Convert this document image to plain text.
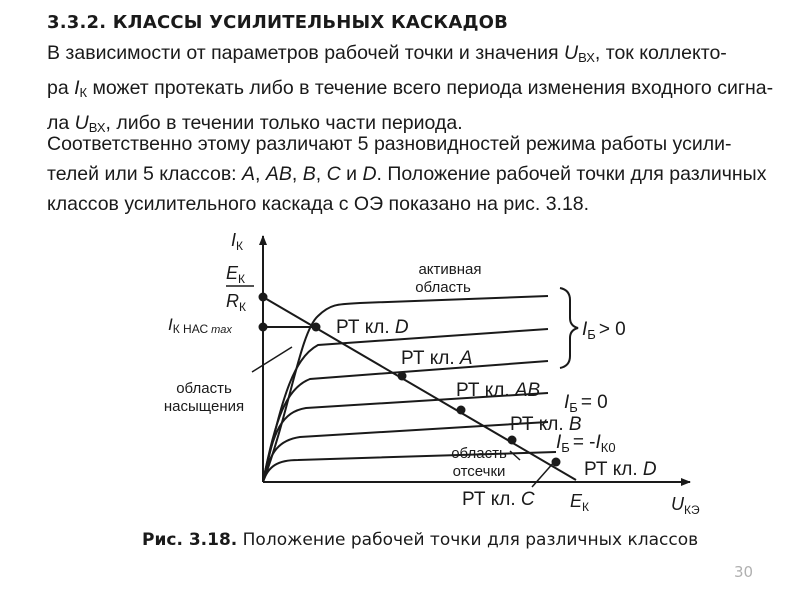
3.3.2. КЛАССЫ УСИЛИТЕЛЬНЫХ КАСКАДОВ
В зависимости от параметров рабочей точки и значения $U_{ВХ}$, ток коллекто-
ра $I_К$ может протекать либо в течение всего периода изменения входного сигна-
ла $U_{ВХ}$, либо в течении только части периода.
Соответственно этому различают 5 разновидностей режима работы усили-
телей или 5 классов: A, AB, B, C и D. Положение рабочей точки для различных
классов усилительного каскада с ОЭ показано на рис. 3.18.
$I_К$
$E_К$
$R_К$
IК НАС max
активная
область
область
насыщения
область
отсечки
РТ кл. D
РТ кл. A
РТ кл. AB
РТ кл. B
РТ кл. D
РТ кл. C
$I_Б > 0$
$I_Б = 0$
$I_Б = -I_{К0}$
$E_К$	$U_{КЭ}$
Рис. 3.18. Положение рабочей точки для различных классов
30
